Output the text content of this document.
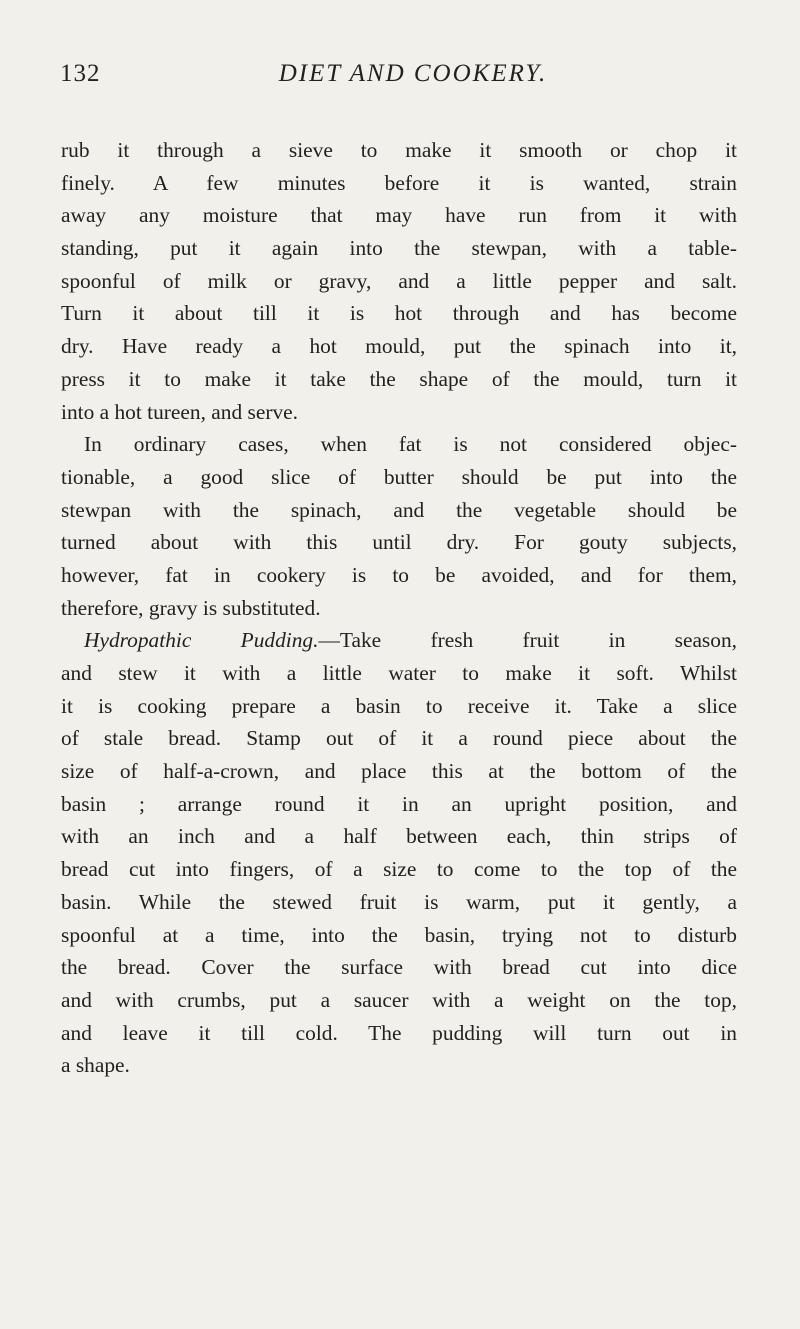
132	DIET AND COOKERY.
rub it through a sieve to make it smooth or chop it
finely. A few minutes before it is wanted, strain
away any moisture that may have run from it with
standing, put it again into the stewpan, with a table-
spoonful of milk or gravy, and a little pepper and salt.
Turn it about till it is hot through and has become
dry. Have ready a hot mould, put the spinach into it,
press it to make it take the shape of the mould, turn it
into a hot tureen, and serve.
In ordinary cases, when fat is not considered objec-
tionable, a good slice of butter should be put into the
stewpan with the spinach, and the vegetable should be
turned about with this until dry. For gouty subjects,
however, fat in cookery is to be avoided, and for them,
therefore, gravy is substituted.
Hydropathic Pudding.—Take fresh fruit in season,
and stew it with a little water to make it soft. Whilst
it is cooking prepare a basin to receive it. Take a slice
of stale bread. Stamp out of it a round piece about the
size of half-a-crown, and place this at the bottom of the
basin ; arrange round it in an upright position, and
with an inch and a half between each, thin strips of
bread cut into fingers, of a size to come to the top of the
basin. While the stewed fruit is warm, put it gently, a
spoonful at a time, into the basin, trying not to disturb
the bread. Cover the surface with bread cut into dice
and with crumbs, put a saucer with a weight on the top,
and leave it till cold. The pudding will turn out in
a shape.
